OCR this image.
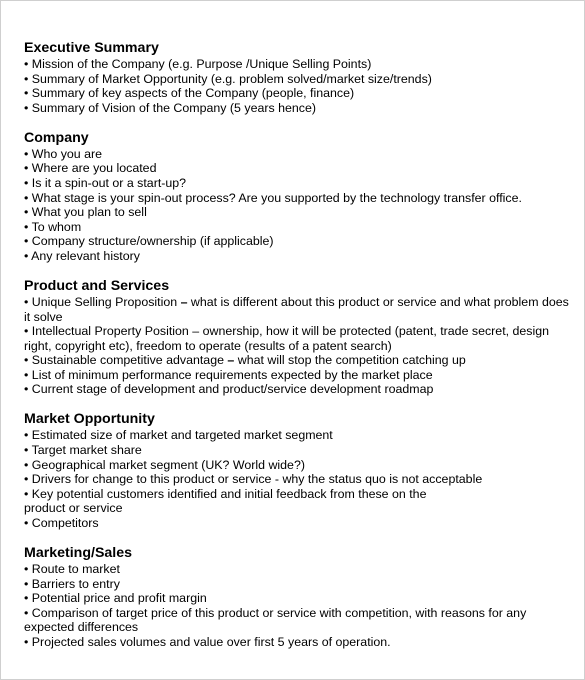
Executive Summary
• Mission of the Company (e.g. Purpose /Unique Selling Points)
• Summary of Market Opportunity (e.g. problem solved/market size/trends)
• Summary of key aspects of the Company (people, finance)
• Summary of Vision of the Company (5 years hence)
Company
• Who you are
• Where are you located
• Is it a spin-out or a start-up?
• What stage is your spin-out process? Are you supported by the technology transfer office.
• What you plan to sell
• To whom
• Company structure/ownership (if applicable)
• Any relevant history
Product and Services
• Unique Selling Proposition – what is different about this product or service and what problem does it solve
• Intellectual Property Position – ownership, how it will be protected (patent, trade secret, design right, copyright etc), freedom to operate (results of a patent search)
• Sustainable competitive advantage – what will stop the competition catching up
• List of minimum performance requirements expected by the market place
• Current stage of development and product/service development roadmap
Market Opportunity
• Estimated size of market and targeted market segment
• Target market share
• Geographical market segment (UK? World wide?)
• Drivers for change to this product or service - why the status quo is not acceptable
• Key potential customers identified and initial feedback from these on the
product or service
• Competitors
Marketing/Sales
• Route to market
• Barriers to entry
• Potential price and profit margin
• Comparison of target price of this product or service with competition, with reasons for any expected differences
• Projected sales volumes and value over first 5 years of operation.
